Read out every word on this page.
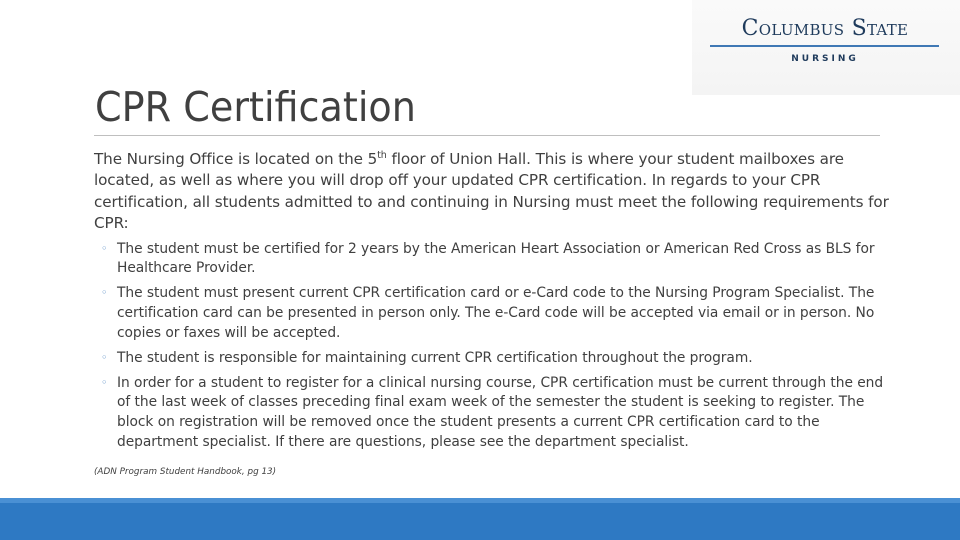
Columbus State
NURSING
CPR Certification

The Nursing Office is located on the 5th floor of Union Hall. This is where your student mailboxes are located, as well as where you will drop off your updated CPR certification. In regards to your CPR certification, all students admitted to and continuing in Nursing must meet the following requirements for CPR:

◦ The student must be certified for 2 years by the American Heart Association or American Red Cross as BLS for Healthcare Provider.
◦ The student must present current CPR certification card or e-Card code to the Nursing Program Specialist. The certification card can be presented in person only. The e-Card code will be accepted via email or in person. No copies or faxes will be accepted.
◦ The student is responsible for maintaining current CPR certification throughout the program.
◦ In order for a student to register for a clinical nursing course, CPR certification must be current through the end of the last week of classes preceding final exam week of the semester the student is seeking to register. The block on registration will be removed once the student presents a current CPR certification card to the department specialist. If there are questions, please see the department specialist.
(ADN Program Student Handbook, pg 13)
